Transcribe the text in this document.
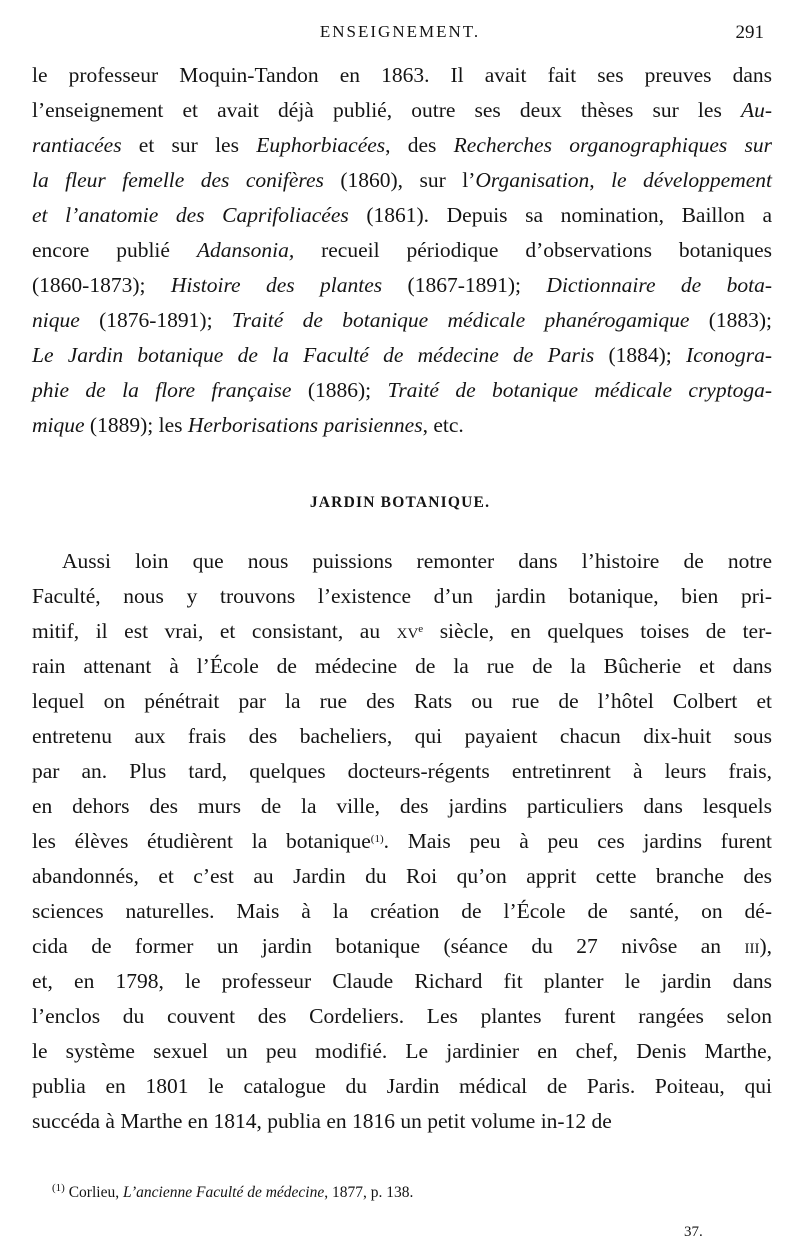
ENSEIGNEMENT.	291
le professeur Moquin-Tandon en 1863. Il avait fait ses preuves dans
l’enseignement et avait déjà publié, outre ses deux thèses sur les Au-
rantiacées et sur les Euphorbiacées, des Recherches organographiques sur
la fleur femelle des conifères (1860), sur l’Organisation, le développement
et l’anatomie des Caprifoliacées (1861). Depuis sa nomination, Baillon a
encore publié Adansonia, recueil périodique d’observations botaniques
(1860-1873); Histoire des plantes (1867-1891); Dictionnaire de bota-
nique (1876-1891); Traité de botanique médicale phanérogamique (1883);
Le Jardin botanique de la Faculté de médecine de Paris (1884); Iconogra-
phie de la flore française (1886); Traité de botanique médicale cryptoga-
mique (1889); les Herborisations parisiennes, etc.
JARDIN BOTANIQUE.
Aussi loin que nous puissions remonter dans l’histoire de notre
Faculté, nous y trouvons l’existence d’un jardin botanique, bien pri-
mitif, il est vrai, et consistant, au $xv^e$ siècle, en quelques toises de ter-
rain attenant à l’École de médecine de la rue de la Bûcherie et dans
lequel on pénétrait par la rue des Rats ou rue de l’hôtel Colbert et
entretenu aux frais des bacheliers, qui payaient chacun dix-huit sous
par an. Plus tard, quelques docteurs-régents entretinrent à leurs frais,
en dehors des murs de la ville, des jardins particuliers dans lesquels
les élèves étudièrent la botanique$^{(1)}$. Mais peu à peu ces jardins furent
abandonnés, et c’est au Jardin du Roi qu’on apprit cette branche des
sciences naturelles. Mais à la création de l’École de santé, on dé-
cida de former un jardin botanique (séance du 27 nivôse an iii),
et, en 1798, le professeur Claude Richard fit planter le jardin dans
l’enclos du couvent des Cordeliers. Les plantes furent rangées selon
le système sexuel un peu modifié. Le jardinier en chef, Denis Marthe,
publia en 1801 le catalogue du Jardin médical de Paris. Poiteau, qui
succéda à Marthe en 1814, publia en 1816 un petit volume in-12 de
$^{(1)}$ Corlieu, L’ancienne Faculté de médecine, 1877, p. 138.
37.
